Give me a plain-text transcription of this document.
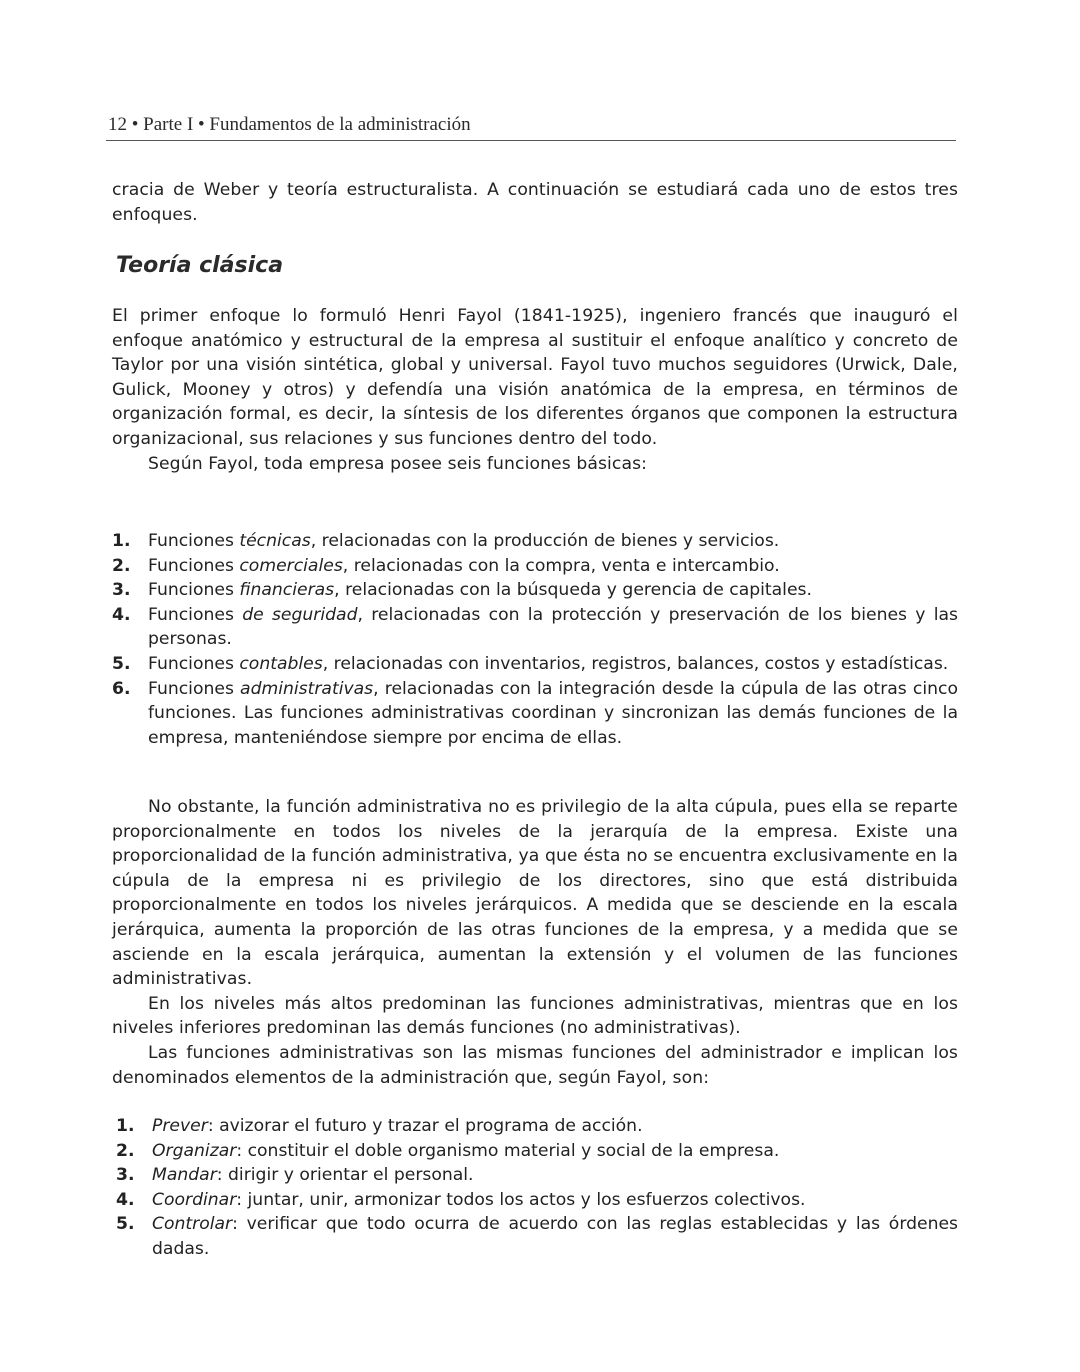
12 • Parte I • Fundamentos de la administración

cracia de Weber y teoría estructuralista. A continuación se estudiará cada uno de estos tres enfoques.

Teoría clásica

El primer enfoque lo formuló Henri Fayol (1841-1925), ingeniero francés que inauguró el enfoque anatómico y estructural de la empresa al sustituir el enfoque analítico y concreto de Taylor por una visión sintética, global y universal. Fayol tuvo muchos seguidores (Urwick, Dale, Gulick, Mooney y otros) y defendía una visión anatómica de la empresa, en términos de organización formal, es decir, la síntesis de los diferentes órganos que componen la estructura organizacional, sus relaciones y sus funciones dentro del todo.

Según Fayol, toda empresa posee seis funciones básicas:

1. Funciones técnicas, relacionadas con la producción de bienes y servicios.
2. Funciones comerciales, relacionadas con la compra, venta e intercambio.
3. Funciones financieras, relacionadas con la búsqueda y gerencia de capitales.
4. Funciones de seguridad, relacionadas con la protección y preservación de los bienes y las personas.
5. Funciones contables, relacionadas con inventarios, registros, balances, costos y estadísticas.
6. Funciones administrativas, relacionadas con la integración desde la cúpula de las otras cinco funciones. Las funciones administrativas coordinan y sincronizan las demás funciones de la empresa, manteniéndose siempre por encima de ellas.

No obstante, la función administrativa no es privilegio de la alta cúpula, pues ella se reparte proporcionalmente en todos los niveles de la jerarquía de la empresa. Existe una proporcionalidad de la función administrativa, ya que ésta no se encuentra exclusivamente en la cúpula de la empresa ni es privilegio de los directores, sino que está distribuida proporcionalmente en todos los niveles jerárquicos. A medida que se desciende en la escala jerárquica, aumenta la proporción de las otras funciones de la empresa, y a medida que se asciende en la escala jerárquica, aumentan la extensión y el volumen de las funciones administrativas.

En los niveles más altos predominan las funciones administrativas, mientras que en los niveles inferiores predominan las demás funciones (no administrativas).

Las funciones administrativas son las mismas funciones del administrador e implican los denominados elementos de la administración que, según Fayol, son:

1. Prever: avizorar el futuro y trazar el programa de acción.
2. Organizar: constituir el doble organismo material y social de la empresa.
3. Mandar: dirigir y orientar el personal.
4. Coordinar: juntar, unir, armonizar todos los actos y los esfuerzos colectivos.
5. Controlar: verificar que todo ocurra de acuerdo con las reglas establecidas y las órdenes dadas.
